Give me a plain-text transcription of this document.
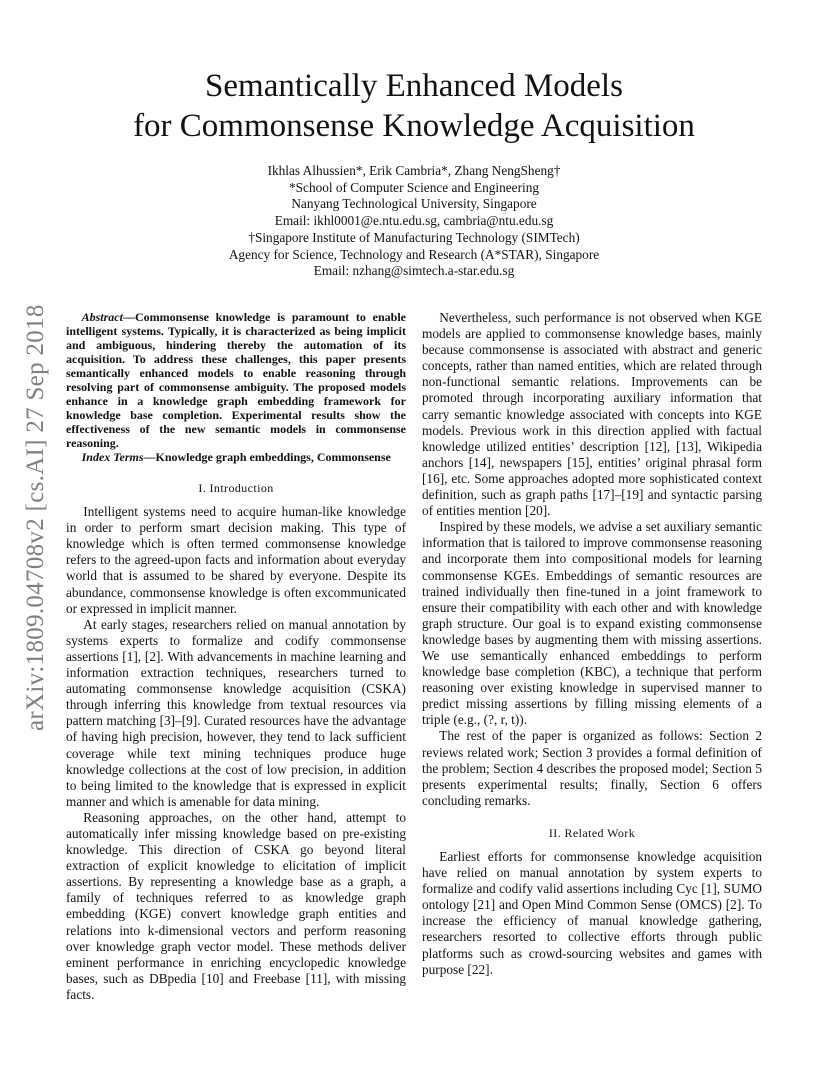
Semantically Enhanced Models
for Commonsense Knowledge Acquisition
Ikhlas Alhussien*, Erik Cambria*, Zhang NengSheng†
*School of Computer Science and Engineering
Nanyang Technological University, Singapore
Email: ikhl0001@e.ntu.edu.sg, cambria@ntu.edu.sg
†Singapore Institute of Manufacturing Technology (SIMTech)
Agency for Science, Technology and Research (A*STAR), Singapore
Email: nzhang@simtech.a-star.edu.sg
arXiv:1809.04708v2 [cs.AI] 27 Sep 2018	Abstract—Commonsense knowledge is paramount to enable intelligent systems. Typically, it is characterized as being implicit and ambiguous, hindering thereby the automation of its acquisition. To address these challenges, this paper presents semantically enhanced models to enable reasoning through resolving part of commonsense ambiguity. The proposed models enhance in a knowledge graph embedding framework for knowledge base completion. Experimental results show the effectiveness of the new semantic models in commonsense reasoning.

Index Terms—Knowledge graph embeddings, Commonsense

I. Introduction

Intelligent systems need to acquire human-like knowledge in order to perform smart decision making. This type of knowledge which is often termed commonsense knowledge refers to the agreed-upon facts and information about everyday world that is assumed to be shared by everyone. Despite its abundance, commonsense knowledge is often excommunicated or expressed in implicit manner.

At early stages, researchers relied on manual annotation by systems experts to formalize and codify commonsense assertions [1], [2]. With advancements in machine learning and information extraction techniques, researchers turned to automating commonsense knowledge acquisition (CSKA) through inferring this knowledge from textual resources via pattern matching [3]–[9]. Curated resources have the advantage of having high precision, however, they tend to lack sufficient coverage while text mining techniques produce huge knowledge collections at the cost of low precision, in addition to being limited to the knowledge that is expressed in explicit manner and which is amenable for data mining.

Reasoning approaches, on the other hand, attempt to automatically infer missing knowledge based on pre-existing knowledge. This direction of CSKA go beyond literal extraction of explicit knowledge to elicitation of implicit assertions. By representing a knowledge base as a graph, a family of techniques referred to as knowledge graph embedding (KGE) convert knowledge graph entities and relations into k-dimensional vectors and perform reasoning over knowledge graph vector model. These methods deliver eminent performance in enriching encyclopedic knowledge bases, such as DBpedia [10] and Freebase [11], with missing facts.

Nevertheless, such performance is not observed when KGE models are applied to commonsense knowledge bases, mainly because commonsense is associated with abstract and generic concepts, rather than named entities, which are related through non-functional semantic relations. Improvements can be promoted through incorporating auxiliary information that carry semantic knowledge associated with concepts into KGE models. Previous work in this direction applied with factual knowledge utilized entities’ description [12], [13], Wikipedia anchors [14], newspapers [15], entities’ original phrasal form [16], etc. Some approaches adopted more sophisticated context definition, such as graph paths [17]–[19] and syntactic parsing of entities mention [20].

Inspired by these models, we advise a set auxiliary semantic information that is tailored to improve commonsense reasoning and incorporate them into compositional models for learning commonsense KGEs. Embeddings of semantic resources are trained individually then fine-tuned in a joint framework to ensure their compatibility with each other and with knowledge graph structure. Our goal is to expand existing commonsense knowledge bases by augmenting them with missing assertions. We use semantically enhanced embeddings to perform knowledge base completion (KBC), a technique that perform reasoning over existing knowledge in supervised manner to predict missing assertions by filling missing elements of a triple (e.g., (?, r, t)).

The rest of the paper is organized as follows: Section 2 reviews related work; Section 3 provides a formal definition of the problem; Section 4 describes the proposed model; Section 5 presents experimental results; finally, Section 6 offers concluding remarks.

II. Related Work

Earliest efforts for commonsense knowledge acquisition have relied on manual annotation by system experts to formalize and codify valid assertions including Cyc [1], SUMO ontology [21] and Open Mind Common Sense (OMCS) [2]. To increase the efficiency of manual knowledge gathering, researchers resorted to collective efforts through public platforms such as crowd-sourcing websites and games with purpose [22].
